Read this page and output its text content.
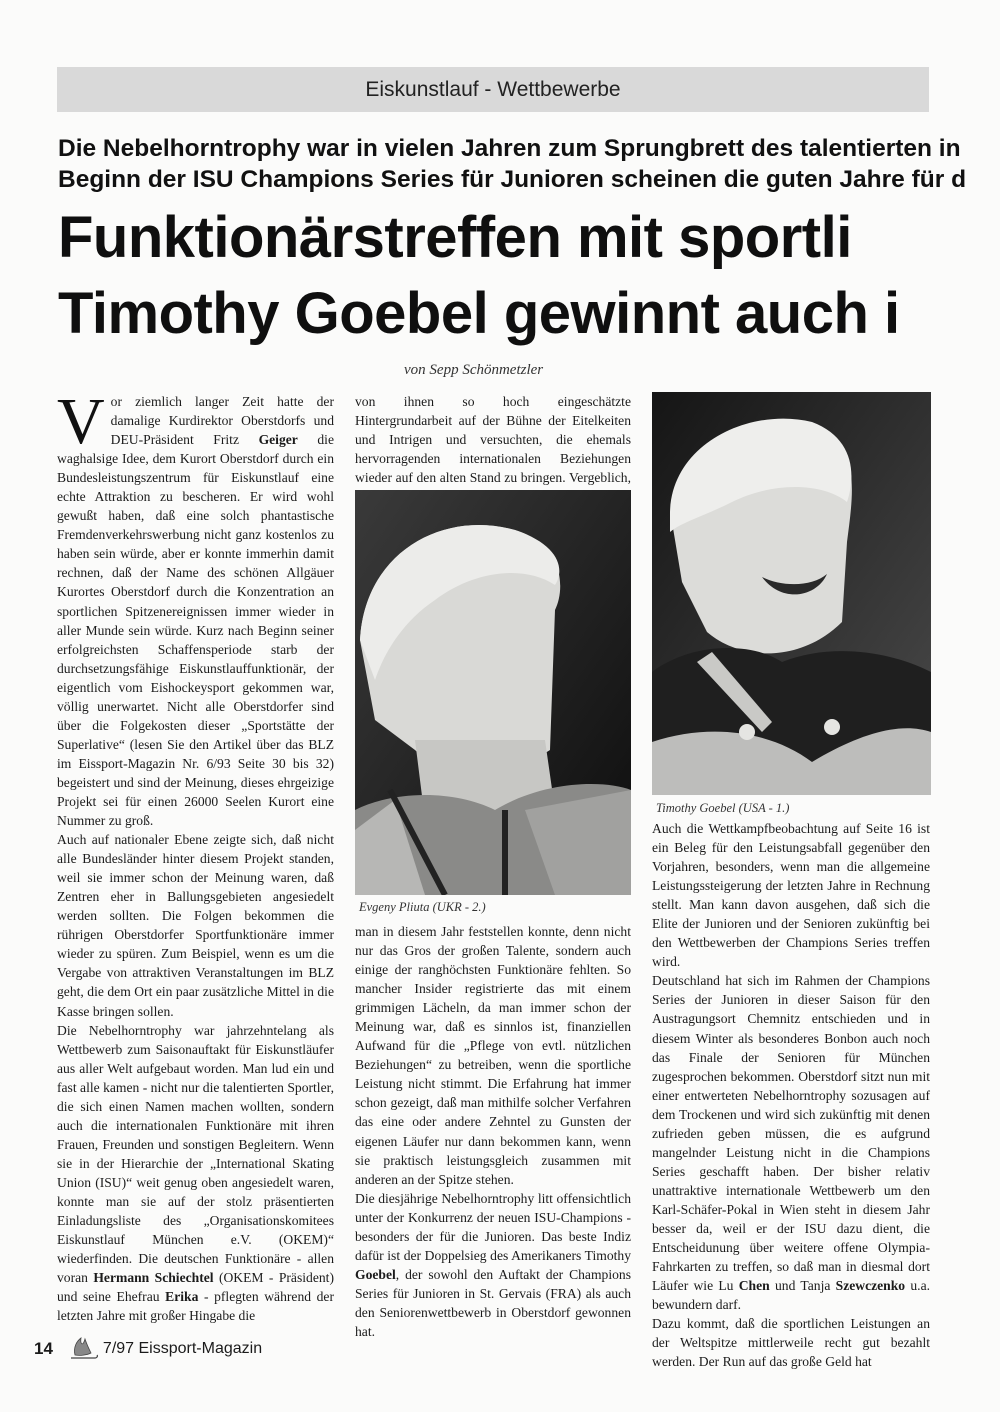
Eiskunstlauf - Wettbewerbe
Die Nebelhorntrophy war in vielen Jahren zum Sprungbrett des talentierten in
Beginn der ISU Champions Series für Junioren scheinen die guten Jahre für d
Funktionärstreffen mit sportli
Timothy Goebel gewinnt auch i
von Sepp Schönmetzler

Vor ziemlich langer Zeit hatte der damalige Kurdirektor Oberstdorfs und DEU-Präsident Fritz Geiger die waghalsige Idee, dem Kurort Oberstdorf durch ein Bundesleistungszentrum für Eiskunstlauf eine echte Attraktion zu bescheren. Er wird wohl gewußt haben, daß eine solch phantastische Fremdenverkehrswerbung nicht ganz kostenlos zu haben sein würde, aber er konnte immerhin damit rechnen, daß der Name des schönen Allgäuer Kurortes Oberstdorf durch die Konzentration an sportlichen Spitzenereignissen immer wieder in aller Munde sein würde. Kurz nach Beginn seiner erfolgreichsten Schaffensperiode starb der durchsetzungsfähige Eiskunstlauffunktionär, der eigentlich vom Eishockeysport gekommen war, völlig unerwartet. Nicht alle Oberstdorfer sind über die Folgekosten dieser „Sportstätte der Superlative“ (lesen Sie den Artikel über das BLZ im Eissport-Magazin Nr. 6/93 Seite 30 bis 32) begeistert und sind der Meinung, dieses ehrgeizige Projekt sei für einen 26000 Seelen Kurort eine Nummer zu groß.

Auch auf nationaler Ebene zeigte sich, daß nicht alle Bundesländer hinter diesem Projekt standen, weil sie immer schon der Meinung waren, daß Zentren eher in Ballungsgebieten angesiedelt werden sollten. Die Folgen bekommen die rührigen Oberstdorfer Sportfunktionäre immer wieder zu spüren. Zum Beispiel, wenn es um die Vergabe von attraktiven Veranstaltungen im BLZ geht, die dem Ort ein paar zusätzliche Mittel in die Kasse bringen sollen.

Die Nebelhorntrophy war jahrzehntelang als Wettbewerb zum Saisonauftakt für Eiskunstläufer aus aller Welt aufgebaut worden. Man lud ein und fast alle kamen - nicht nur die talentierten Sportler, die sich einen Namen machen wollten, sondern auch die internationalen Funktionäre mit ihren Frauen, Freunden und sonstigen Begleitern. Wenn sie in der Hierarchie der „International Skating Union (ISU)“ weit genug oben angesiedelt waren, konnte man sie auf der stolz präsentierten Einladungsliste des „Organisationskomitees Eiskunstlauf München e.V. (OKEM)“ wiederfinden. Die deutschen Funktionäre - allen voran Hermann Schiechtel (OKEM - Präsident) und seine Ehefrau Erika - pflegten während der letzten Jahre mit großer Hingabe die

von ihnen so hoch eingeschätzte Hintergrundarbeit auf der Bühne der Eitelkeiten und Intrigen und versuchten, die ehemals hervorragenden internationalen Beziehungen wieder auf den alten Stand zu bringen. Vergeblich,

Evgeny Pliuta (UKR - 2.)

man in diesem Jahr feststellen konnte, denn nicht nur das Gros der großen Talente, sondern auch einige der ranghöchsten Funktionäre fehlten. So mancher Insider registrierte das mit einem grimmigen Lächeln, da man immer schon der Meinung war, daß es sinnlos ist, finanziellen Aufwand für die „Pflege von evtl. nützlichen Beziehungen“ zu betreiben, wenn die sportliche Leistung nicht stimmt. Die Erfahrung hat immer schon gezeigt, daß man mithilfe solcher Verfahren das eine oder andere Zehntel zu Gunsten der eigenen Läufer nur dann bekommen kann, wenn sie praktisch leistungsgleich zusammen mit anderen an der Spitze stehen.

Die diesjährige Nebelhorntrophy litt offensichtlich unter der Konkurrenz der neuen ISU-Champions - besonders der für die Junioren. Das beste Indiz dafür ist der Doppelsieg des Amerikaners Timothy Goebel, der sowohl den Auftakt der Champions Series für Junioren in St. Gervais (FRA) als auch den Seniorenwettbewerb in Oberstdorf gewonnen hat.

Timothy Goebel (USA - 1.)

Auch die Wettkampfbeobachtung auf Seite 16 ist ein Beleg für den Leistungsabfall gegenüber den Vorjahren, besonders, wenn man die allgemeine Leistungssteigerung der letzten Jahre in Rechnung stellt. Man kann davon ausgehen, daß sich die Elite der Junioren und der Senioren zukünftig bei den Wettbewerben der Champions Series treffen wird.

Deutschland hat sich im Rahmen der Champions Series der Junioren in dieser Saison für den Austragungsort Chemnitz entschieden und in diesem Winter als besonderes Bonbon auch noch das Finale der Senioren für München zugesprochen bekommen. Oberstdorf sitzt nun mit einer entwerteten Nebelhorntrophy sozusagen auf dem Trockenen und wird sich zukünftig mit denen zufrieden geben müssen, die es aufgrund mangelnder Leistung nicht in die Champions Series geschafft haben. Der bisher relativ unattraktive internationale Wettbewerb um den Karl-Schäfer-Pokal in Wien steht in diesem Jahr besser da, weil er der ISU dazu dient, die Entscheidunung über weitere offene Olympia-Fahrkarten zu treffen, so daß man in diesmal dort Läufer wie Lu Chen und Tanja Szewczenko u.a. bewundern darf.

Dazu kommt, daß die sportlichen Leistungen an der Weltspitze mittlerweile recht gut bezahlt werden. Der Run auf das große Geld hat

14	7/97 Eissport-Magazin
